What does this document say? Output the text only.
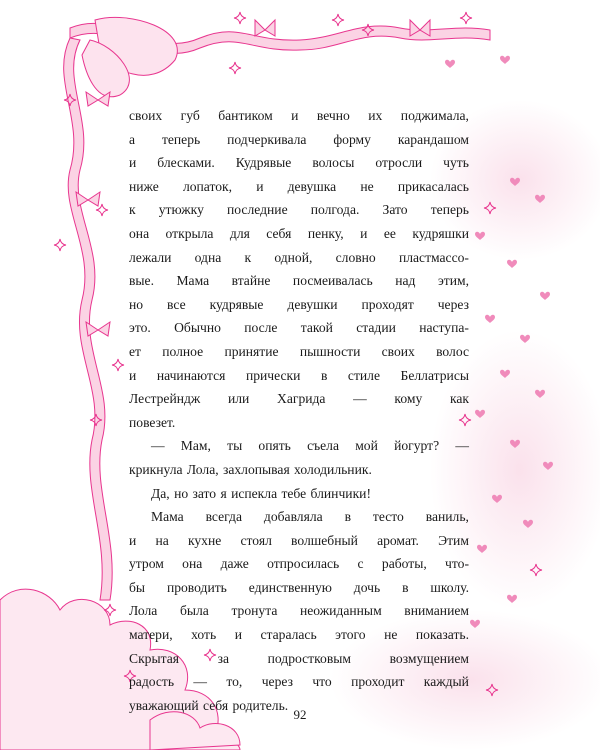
своих губ бантиком и вечно их поджимала,
а теперь подчеркивала форму карандашом
и блесками. Кудрявые волосы отросли чуть
ниже лопаток, и девушка не прикасалась
к утюжку последние полгода. Зато теперь
она открыла для себя пенку, и ее кудряшки
лежали одна к одной, словно пластмассо-
вые. Мама втайне посмеивалась над этим,
но все кудрявые девушки проходят через
это. Обычно после такой стадии наступа-
ет полное принятие пышности своих волос
и начинаются прически в стиле Беллатрисы
Лестрейндж или Хагрида — кому как
повезет.
— Мам, ты опять съела мой йогурт? —
крикнула Лола, захлопывая холодильник.
Да, но зато я испекла тебе блинчики!
Мама всегда добавляла в тесто ваниль,
и на кухне стоял волшебный аромат. Этим
утром она даже отпросилась с работы, что-
бы проводить единственную дочь в школу.
Лола была тронута неожиданным вниманием
матери, хоть и старалась этого не показать.
Скрытая	за	подростковым	возмущением
радость — то, через что проходит каждый
уважающий себя родитель.
92
